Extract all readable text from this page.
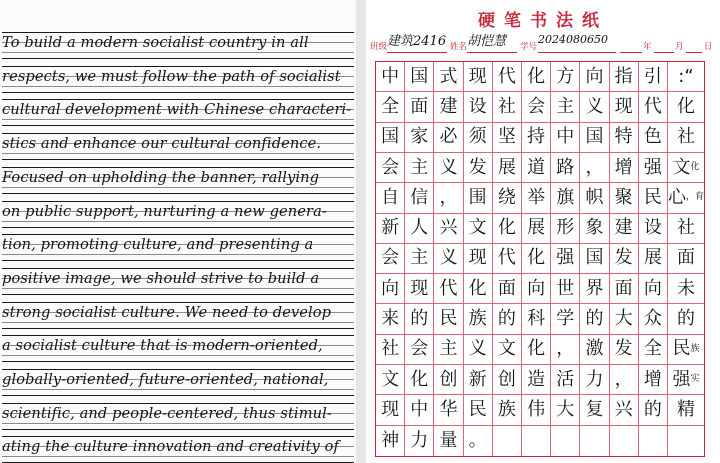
To build a modern socialist country in all
respects, we must follow the path of socialist
cultural development with Chinese characteri-
stics and enhance our cultural confidence.
Focused on upholding the banner, rallying
on public support, nurturing a new genera-
tion, promoting culture, and presenting a
positive image, we should strive to build a
strong socialist culture. We need to develop
a socialist culture that is modern-oriented,
globally-oriented, future-oriented, national,
scientific, and people-centered, thus stimul-
ating the culture innovation and creativity of
硬笔书法纸
班级 建筑2416 姓名 胡恺慧 学号
2024080650
年	月 日
中 国 式 现 代 化 方 向 指 引 :“
全 面 建 设 社 会 主 义 现 代 化
国 家 必 须 坚 持 中 国 特 色 社
会 主 义 发 展 道 路 ， 增 强 文 化
自 信 ， 围 绕 举 旗 帜 聚 民 心 ， 育
新 人 兴 文 化 展 形 象 建 设 社
会 主 义 现 代 化 强 国 发 展 面
向 现 代 化 面 向 世 界 面 向 未
来 的 民 族 的 科 学 的 大 众 的
社 会 主 义 文 化 ， 激 发 全 民 族
文 化 创 新 创 造 活 力 ， 增 强 实
现 中 华 民 族 伟 大 复 兴 的 精
神 力 量 。
